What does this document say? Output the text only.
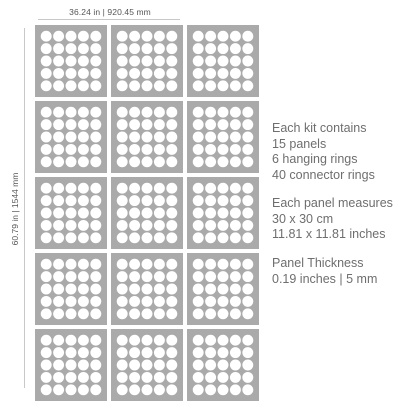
36.24 in | 920.45 mm
60.79 in | 1544 mm
Each kit contains
15 panels
6 hanging rings
40 connector rings
Each panel measures
30 x 30 cm
11.81 x 11.81 inches
Panel Thickness
0.19 inches | 5 mm
